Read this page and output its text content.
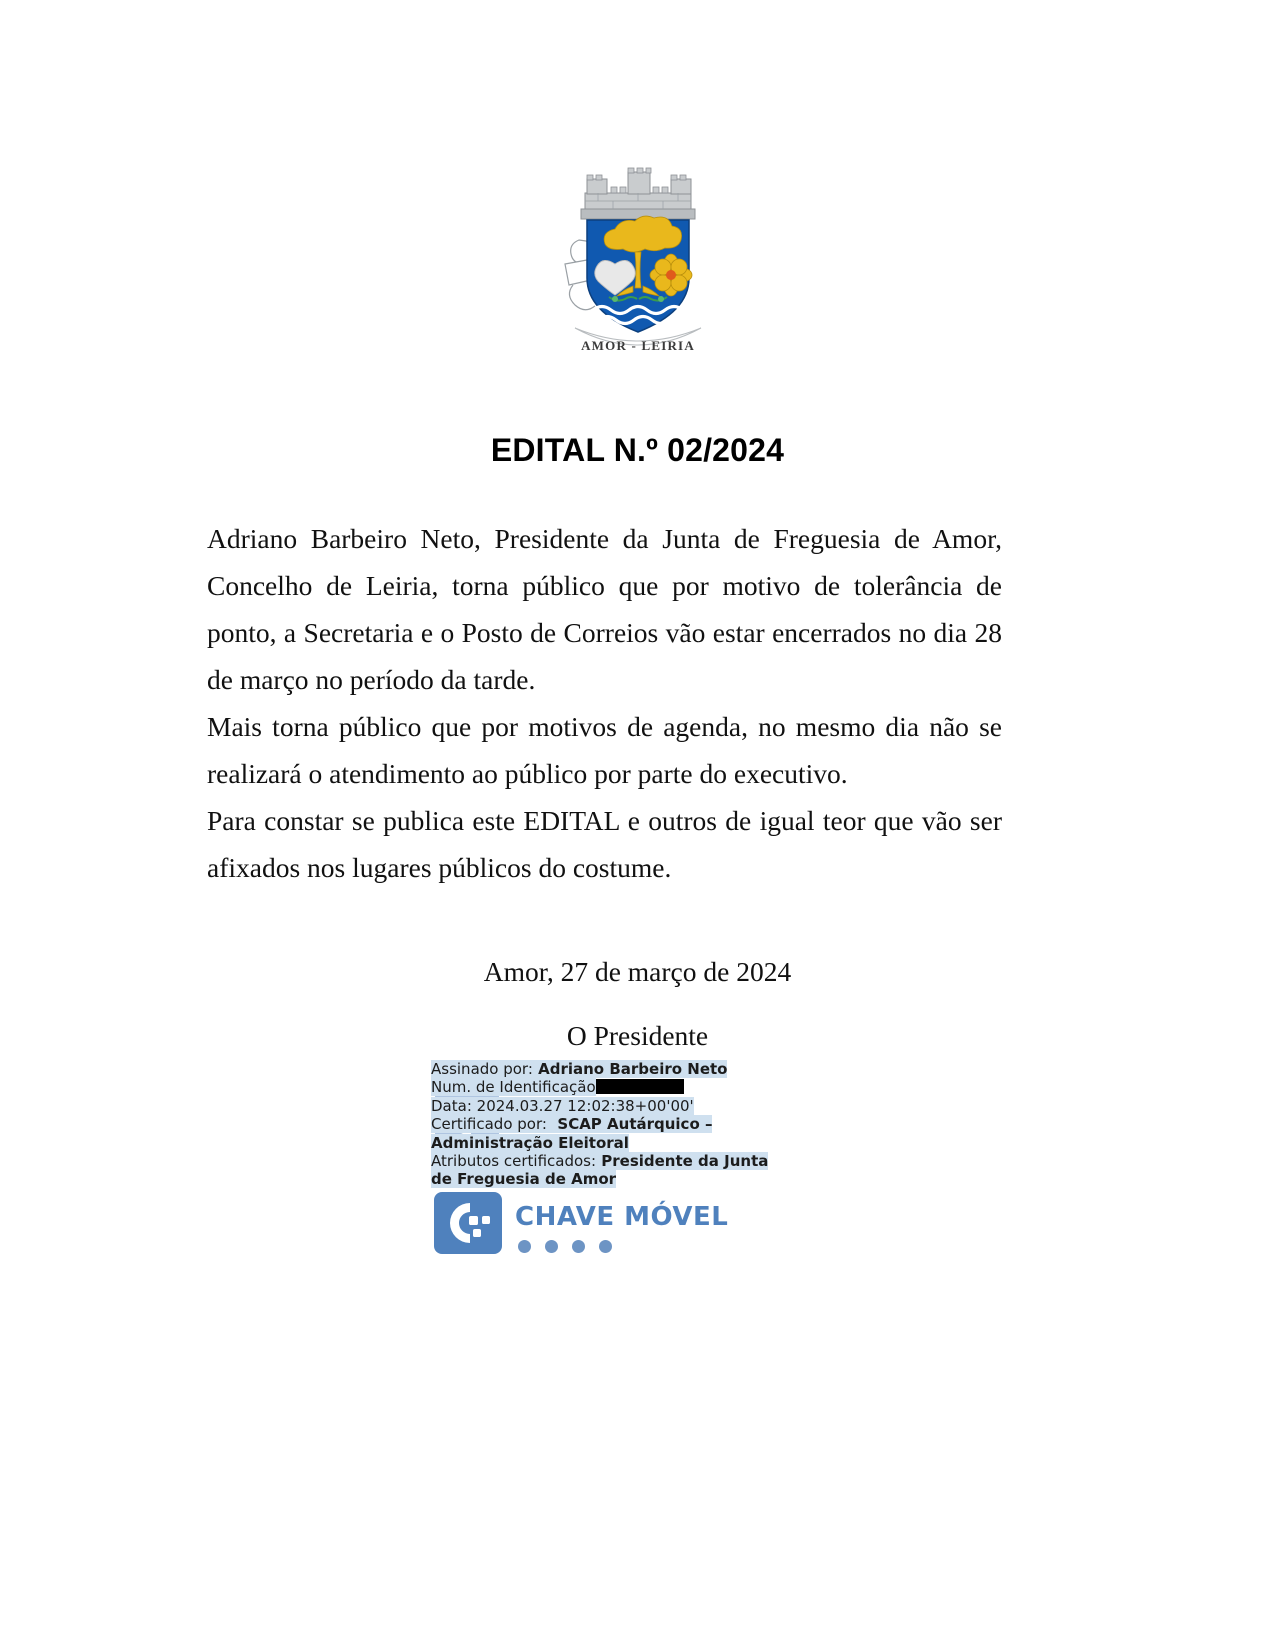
AMOR - LEIRIA
EDITAL N.º 02/2024

Adriano Barbeiro Neto, Presidente da Junta de Freguesia de Amor, Concelho de Leiria, torna público que por motivo de tolerância de ponto, a Secretaria e o Posto de Correios vão estar encerrados no dia 28 de março no período da tarde.

Mais torna público que por motivos de agenda, no mesmo dia não se realizará o atendimento ao público por parte do executivo.

Para constar se publica este EDITAL e outros de igual teor que vão ser afixados nos lugares públicos do costume.

Amor, 27 de março de 2024
O Presidente
Assinado por: Adriano Barbeiro Neto
Num. de Identificação
Data: 2024.03.27 12:02:38+00'00'
Certificado por: SCAP Autárquico – Administração Eleitoral
Atributos certificados: Presidente da Junta de Freguesia de Amor
CHAVE MÓVEL
